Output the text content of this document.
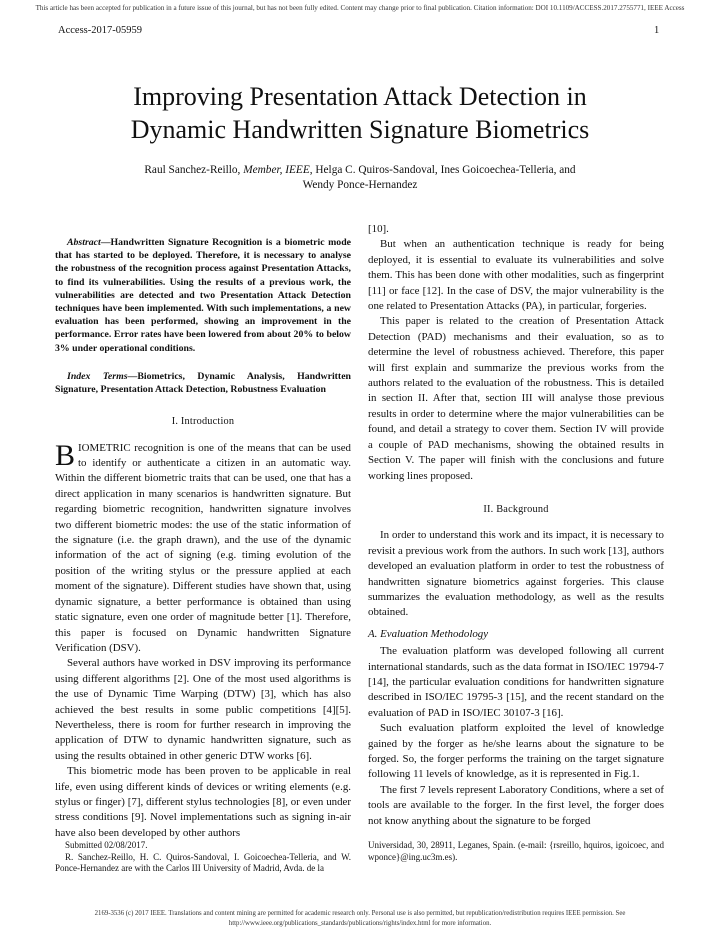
This article has been accepted for publication in a future issue of this journal, but has not been fully edited. Content may change prior to final publication. Citation information: DOI 10.1109/ACCESS.2017.2755771, IEEE Access
Access-2017-05959	1
Improving Presentation Attack Detection in
Dynamic Handwritten Signature Biometrics
Raul Sanchez-Reillo, Member, IEEE, Helga C. Quiros-Sandoval, Ines Goicoechea-Telleria, and
Wendy Ponce-Hernandez

Abstract—Handwritten Signature Recognition is a biometric mode that has started to be deployed. Therefore, it is necessary to analyse the robustness of the recognition process against Presentation Attacks, to find its vulnerabilities. Using the results of a previous work, the vulnerabilities are detected and two Presentation Attack Detection techniques have been implemented. With such implementations, a new evaluation has been performed, showing an improvement in the performance. Error rates have been lowered from about 20% to below 3% under operational conditions.

Index Terms—Biometrics, Dynamic Analysis, Handwritten Signature, Presentation Attack Detection, Robustness Evaluation

I. Introduction

BIOMETRIC recognition is one of the means that can be used to identify or authenticate a citizen in an automatic way. Within the different biometric traits that can be used, one that has a direct application in many scenarios is handwritten signature. But regarding biometric recognition, handwritten signature involves two different biometric modes: the use of the static information of the signature (i.e. the graph drawn), and the use of the dynamic information of the act of signing (e.g. timing evolution of the position of the writing stylus or the pressure applied at each moment of the signature). Different studies have shown that, using dynamic signature, a better performance is obtained than using static signature, even one order of magnitude better [1]. Therefore, this paper is focused on Dynamic handwritten Signature Verification (DSV).

Several authors have worked in DSV improving its performance using different algorithms [2]. One of the most used algorithms is the use of Dynamic Time Warping (DTW) [3], which has also achieved the best results in some public competitions [4][5]. Nevertheless, there is room for further research in improving the application of DTW to dynamic handwritten signature, such as using the results obtained in other generic DTW works [6].

This biometric mode has been proven to be applicable in real life, even using different kinds of devices or writing elements (e.g. stylus or finger) [7], different stylus technologies [8], or even under stress conditions [9]. Novel implementations such as signing in-air have also been developed by other authors

[10].

But when an authentication technique is ready for being deployed, it is essential to evaluate its vulnerabilities and solve them. This has been done with other modalities, such as fingerprint [11] or face [12]. In the case of DSV, the major vulnerability is the one related to Presentation Attacks (PA), in particular, forgeries.

This paper is related to the creation of Presentation Attack Detection (PAD) mechanisms and their evaluation, so as to determine the level of robustness achieved. Therefore, this paper will first explain and summarize the previous works from the authors related to the evaluation of the robustness. This is detailed in section II. After that, section III will analyse those previous results in order to determine where the major vulnerabilities can be found, and detail a strategy to cover them. Section IV will provide a couple of PAD mechanisms, showing the obtained results in Section V. The paper will finish with the conclusions and future working lines proposed.

II. Background

In order to understand this work and its impact, it is necessary to revisit a previous work from the authors. In such work [13], authors developed an evaluation platform in order to test the robustness of handwritten signature biometrics against forgeries. This clause summarizes the evaluation methodology, as well as the results obtained.

A. Evaluation Methodology

The evaluation platform was developed following all current international standards, such as the data format in ISO/IEC 19794-7 [14], the particular evaluation conditions for handwritten signature described in ISO/IEC 19795-3 [15], and the recent standard on the evaluation of PAD in ISO/IEC 30107-3 [16].

Such evaluation platform exploited the level of knowledge gained by the forger as he/she learns about the signature to be forged. So, the forger performs the training on the target signature following 11 levels of knowledge, as it is represented in Fig.1.

The first 7 levels represent Laboratory Conditions, where a set of tools are available to the forger. In the first level, the forger does not know anything about the signature to be forged

Submitted 02/08/2017.

R. Sanchez-Reillo, H. C. Quiros-Sandoval, I. Goicoechea-Telleria, and W. Ponce-Hernandez are with the Carlos III University of Madrid, Avda. de la

Universidad, 30, 28911, Leganes, Spain. (e-mail: {rsreillo, hquiros, igoicoec, and wponce}@ing.uc3m.es).

2169-3536 (c) 2017 IEEE. Translations and content mining are permitted for academic research only. Personal use is also permitted, but republication/redistribution requires IEEE permission. See
http://www.ieee.org/publications_standards/publications/rights/index.html for more information.
